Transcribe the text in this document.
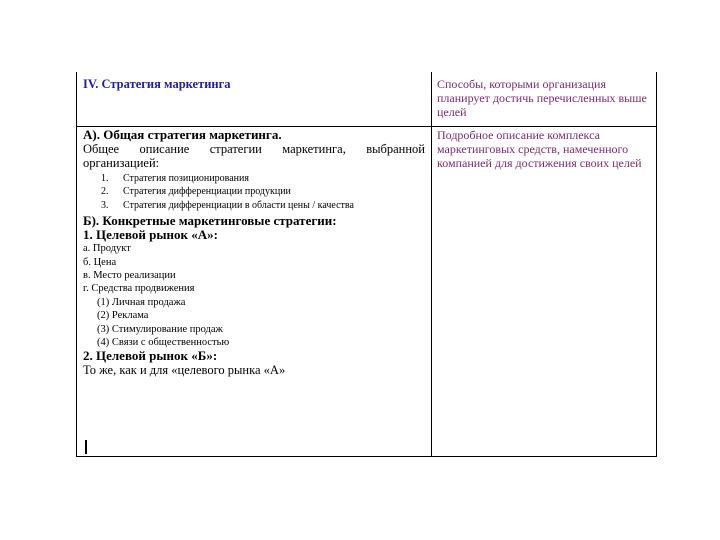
IV. Стратегия маркетинга	Способы, которыми организация планирует достичь перечисленных выше целей
А). Общая стратегия маркетинга.
Общее описание стратегии маркетинга, выбранной организацией:
1. Стратегия позиционирования
2. Стратегия дифференциации продукции
3. Стратегия дифференциации в области цены / качества
Б). Конкретные маркетинговые стратегии:
1. Целевой рынок «А»:
а. Продукт
б. Цена
в. Место реализации
г. Средства продвижения
(1) Личная продажа
(2) Реклама
(3) Стимулирование продаж
(4) Связи с общественностью
2. Целевой рынок «Б»:
То же, как и для «целевого рынка «А»
Подробное описание комплекса маркетинговых средств, намеченного компанией для достижения своих целей
